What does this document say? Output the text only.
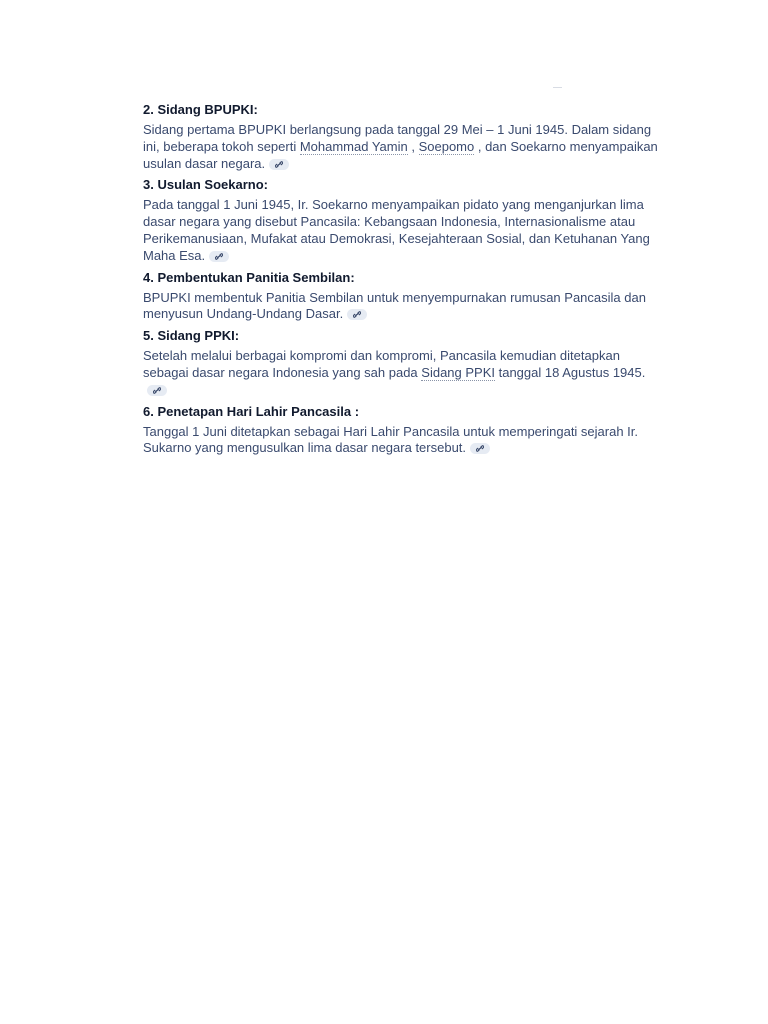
2. Sidang BPUPKI:
Sidang pertama BPUPKI berlangsung pada tanggal 29 Mei – 1 Juni 1945. Dalam sidang ini, beberapa tokoh seperti Mohammad Yamin , Soepomo , dan Soekarno menyampaikan usulan dasar negara.
3. Usulan Soekarno:
Pada tanggal 1 Juni 1945, Ir. Soekarno menyampaikan pidato yang menganjurkan lima dasar negara yang disebut Pancasila: Kebangsaan Indonesia, Internasionalisme atau Perikemanusiaan, Mufakat atau Demokrasi, Kesejahteraan Sosial, dan Ketuhanan Yang Maha Esa.
4. Pembentukan Panitia Sembilan:
BPUPKI membentuk Panitia Sembilan untuk menyempurnakan rumusan Pancasila dan menyusun Undang-Undang Dasar.
5. Sidang PPKI:
Setelah melalui berbagai kompromi dan kompromi, Pancasila kemudian ditetapkan sebagai dasar negara Indonesia yang sah pada Sidang PPKI tanggal 18 Agustus 1945.
6. Penetapan Hari Lahir Pancasila :
Tanggal 1 Juni ditetapkan sebagai Hari Lahir Pancasila untuk memperingati sejarah Ir. Sukarno yang mengusulkan lima dasar negara tersebut.
